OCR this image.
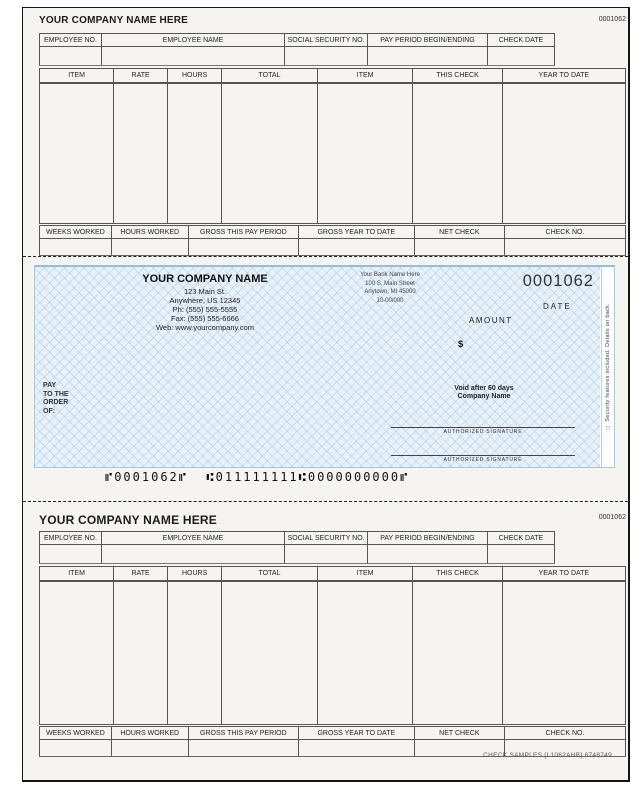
YOUR COMPANY NAME HERE	0001062
EMPLOYEE NO.	EMPLOYEE NAME	SOCIAL SECURITY NO.	PAY PERIOD BEGIN/ENDING	CHECK DATE
ITEM	RATE	HOURS	TOTAL	ITEM	THIS CHECK	YEAR TO DATE
WEEKS WORKED	HOURS WORKED	GROSS THIS PAY PERIOD	GROSS YEAR TO DATE	NET CHECK	CHECK NO.
YOUR COMPANY NAME
123 Main St.
Anywhere, US 12345
Ph: (555) 555-5555
Fax: (555) 555-6666
Web: www.yourcompany.com
Your Bank Name Here
100 S. Main Street
Anytown, MI 45000
10-00/000
0001062
DATE
AMOUNT
$
PAY
TO THE
ORDER
OF:
Void after 60 days
Company Name
AUTHORIZED SIGNATURE
AUTHORIZED SIGNATURE
□ Security features included. Details on back.
⑈0001062⑈  ⑆011111111⑆0000000000⑈
YOUR COMPANY NAME HERE	0001062
EMPLOYEE NO.	EMPLOYEE NAME	SOCIAL SECURITY NO.	PAY PERIOD BEGIN/ENDING	CHECK DATE
ITEM	RATE	HOURS	TOTAL	ITEM	THIS CHECK	YEAR TO DATE
WEEKS WORKED	HOURS WORKED	GROSS THIS PAY PERIOD	GROSS YEAR TO DATE	NET CHECK	CHECK NO.
CHECK SAMPLES [L1062AHB] 6748749
